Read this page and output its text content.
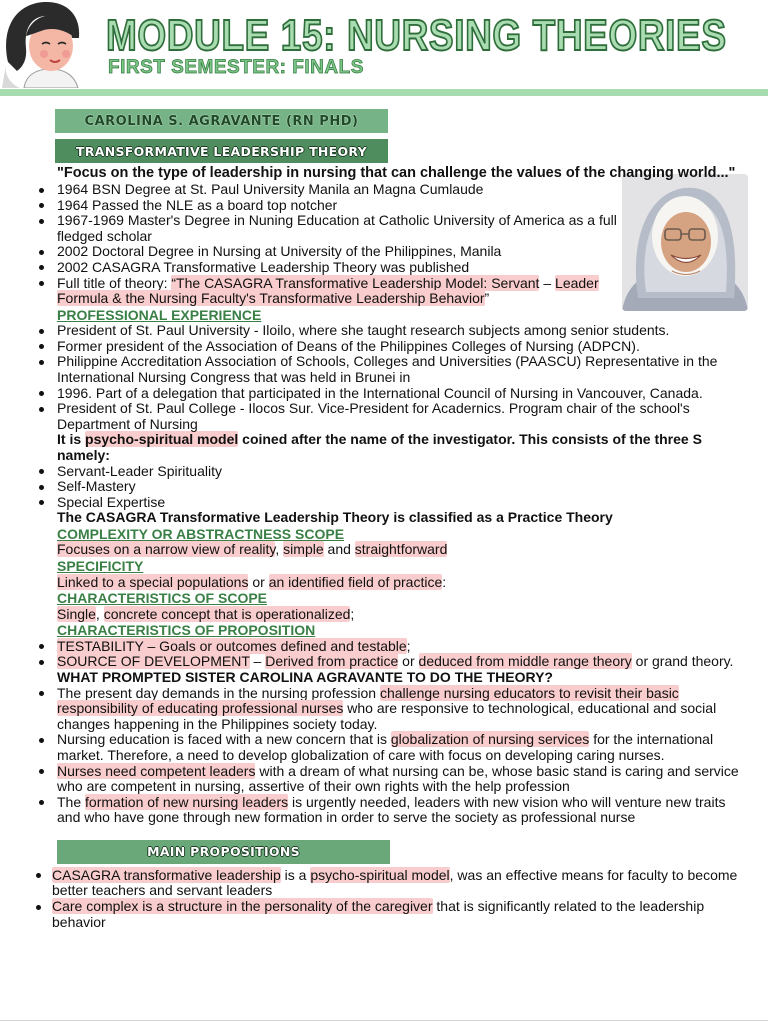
MODULE 15: NURSING THEORIES
FIRST SEMESTER: FINALS
CAROLINA S. AGRAVANTE (RN PHD)
TRANSFORMATIVE LEADERSHIP THEORY
"Focus on the type of leadership in nursing that can challenge the values of the changing world..."
1964 BSN Degree at St. Paul University Manila an Magna Cumlaude
1964 Passed the NLE as a board top notcher
1967-1969 Master's Degree in Nuning Education at Catholic University of America as a full fledged scholar
2002 Doctoral Degree in Nursing at University of the Philippines, Manila
2002 CASAGRA Transformative Leadership Theory was published
Full title of theory: “The CASAGRA Transformative Leadership Model: Servant – Leader Formula & the Nursing Faculty's Transformative Leadership Behavior”
PROFESSIONAL EXPERIENCE
President of St. Paul University - Iloilo, where she taught research subjects among senior students.
Former president of the Association of Deans of the Philippines Colleges of Nursing (ADPCN).
Philippine Accreditation Association of Schools, Colleges and Universities (PAASCU) Representative in the International Nursing Congress that was held in Brunei in
1996. Part of a delegation that participated in the International Council of Nursing in Vancouver, Canada.
President of St. Paul College - Ilocos Sur. Vice-President for Acadernics. Program chair of the school's Department of Nursing
It is psycho-spiritual model coined after the name of the investigator. This consists of the three S namely:
Servant-Leader Spirituality
Self-Mastery
Special Expertise
The CASAGRA Transformative Leadership Theory is classified as a Practice Theory
COMPLEXITY OR ABSTRACTNESS SCOPE
Focuses on a narrow view of reality, simple and straightforward
SPECIFICITY
Linked to a special populations or an identified field of practice:
CHARACTERISTICS OF SCOPE
Single, concrete concept that is operationalized;
CHARACTERISTICS OF PROPOSITION
TESTABILITY – Goals or outcomes defined and testable;
SOURCE OF DEVELOPMENT – Derived from practice or deduced from middle range theory or grand theory.
WHAT PROMPTED SISTER CAROLINA AGRAVANTE TO DO THE THEORY?
The present day demands in the nursing profession challenge nursing educators to revisit their basic responsibility of educating professional nurses who are responsive to technological, educational and social changes happening in the Philippines society today.
Nursing education is faced with a new concern that is globalization of nursing services for the international market. Therefore, a need to develop globalization of care with focus on developing caring nurses.
Nurses need competent leaders with a dream of what nursing can be, whose basic stand is caring and service who are competent in nursing, assertive of their own rights with the help profession
The formation of new nursing leaders is urgently needed, leaders with new vision who will venture new traits and who have gone through new formation in order to serve the society as professional nurse
MAIN PROPOSITIONS
CASAGRA transformative leadership is a psycho-spiritual model, was an effective means for faculty to become better teachers and servant leaders
Care complex is a structure in the personality of the caregiver that is significantly related to the leadership behavior
